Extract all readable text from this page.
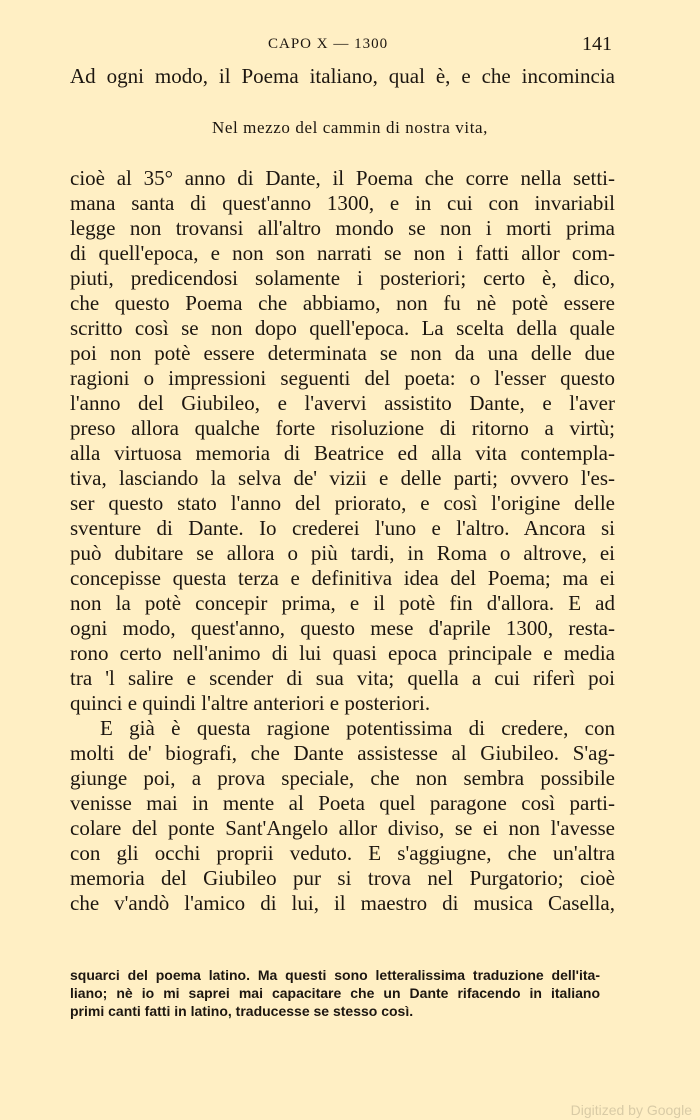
CAPO X — 1300	141
Ad ogni modo, il Poema italiano, qual è, e che incomincia
Nel mezzo del cammin di nostra vita,
cioè al 35° anno di Dante, il Poema che corre nella setti-
mana santa di quest'anno 1300, e in cui con invariabil
legge non trovansi all'altro mondo se non i morti prima
di quell'epoca, e non son narrati se non i fatti allor com-
piuti, predicendosi solamente i posteriori; certo è, dico,
che questo Poema che abbiamo, non fu nè potè essere
scritto così se non dopo quell'epoca. La scelta della quale
poi non potè essere determinata se non da una delle due
ragioni o impressioni seguenti del poeta: o l'esser questo
l'anno del Giubileo, e l'avervi assistito Dante, e l'aver
preso allora qualche forte risoluzione di ritorno a virtù;
alla virtuosa memoria di Beatrice ed alla vita contempla-
tiva, lasciando la selva de' vizii e delle parti; ovvero l'es-
ser questo stato l'anno del priorato, e così l'origine delle
sventure di Dante. Io crederei l'uno e l'altro. Ancora si
può dubitare se allora o più tardi, in Roma o altrove, ei
concepisse questa terza e definitiva idea del Poema; ma ei
non la potè concepir prima, e il potè fin d'allora. E ad
ogni modo, quest'anno, questo mese d'aprile 1300, resta-
rono certo nell'animo di lui quasi epoca principale e media
tra 'l salire e scender di sua vita; quella a cui riferì poi
quinci e quindi l'altre anteriori e posteriori.
E già è questa ragione potentissima di credere, con
molti de' biografi, che Dante assistesse al Giubileo. S'ag-
giunge poi, a prova speciale, che non sembra possibile
venisse mai in mente al Poeta quel paragone così parti-
colare del ponte Sant'Angelo allor diviso, se ei non l'avesse
con gli occhi proprii veduto. E s'aggiugne, che un'altra
memoria del Giubileo pur si trova nel Purgatorio; cioè
che v'andò l'amico di lui, il maestro di musica Casella,
squarci del poema latino. Ma questi sono letteralissima traduzione dell'ita-
liano; nè io mi saprei mai capacitare che un Dante rifacendo in italiano
primi canti fatti in latino, traducesse se stesso così.
Digitized by Google
